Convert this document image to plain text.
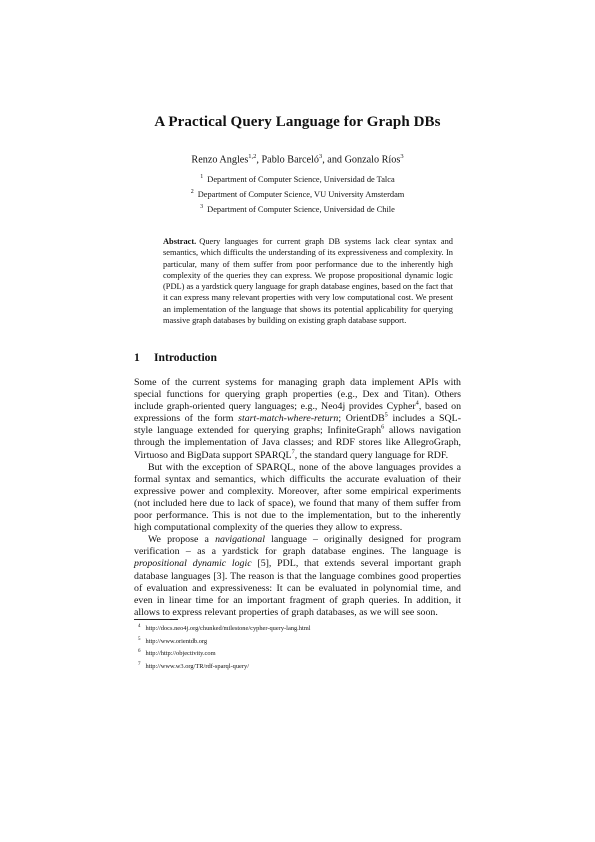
A Practical Query Language for Graph DBs
Renzo Angles$^{1,2}$, Pablo Barceló$^3$, and Gonzalo Ríos$^3$
$^1$ Department of Computer Science, Universidad de Talca
$^2$ Department of Computer Science, VU University Amsterdam
$^3$ Department of Computer Science, Universidad de Chile
Abstract. Query languages for current graph DB systems lack clear syntax and semantics, which difficults the understanding of its expressiveness and complexity. In particular, many of them suffer from poor performance due to the inherently high complexity of the queries they can express. We propose propositional dynamic logic (PDL) as a yardstick query language for graph database engines, based on the fact that it can express many relevant properties with very low computational cost. We present an implementation of the language that shows its potential applicability for querying massive graph databases by building on existing graph database support.
1 Introduction

Some of the current systems for managing graph data implement APIs with special functions for querying graph properties (e.g., Dex and Titan). Others include graph-oriented query languages; e.g., Neo4j provides Cypher$^4$, based on expressions of the form start-match-where-return; OrientDB$^5$ includes a SQL-style language extended for querying graphs; InfiniteGraph$^6$ allows navigation through the implementation of Java classes; and RDF stores like AllegroGraph, Virtuoso and BigData support SPARQL$^7$, the standard query language for RDF.

But with the exception of SPARQL, none of the above languages provides a formal syntax and semantics, which difficults the accurate evaluation of their expressive power and complexity. Moreover, after some empirical experiments (not included here due to lack of space), we found that many of them suffer from poor performance. This is not due to the implementation, but to the inherently high computational complexity of the queries they allow to express.

We propose a navigational language – originally designed for program verification – as a yardstick for graph database engines. The language is propositional dynamic logic [5], PDL, that extends several important graph database languages [3]. The reason is that the language combines good properties of evaluation and expressiveness: It can be evaluated in polynomial time, and even in linear time for an important fragment of graph queries. In addition, it allows to express relevant properties of graph databases, as we will see soon.

$^4$ http://docs.neo4j.org/chunked/milestone/cypher-query-lang.html
$^5$ http://www.orientdb.org
$^6$ http://http://objectivity.com
$^7$ http://www.w3.org/TR/rdf-sparql-query/
